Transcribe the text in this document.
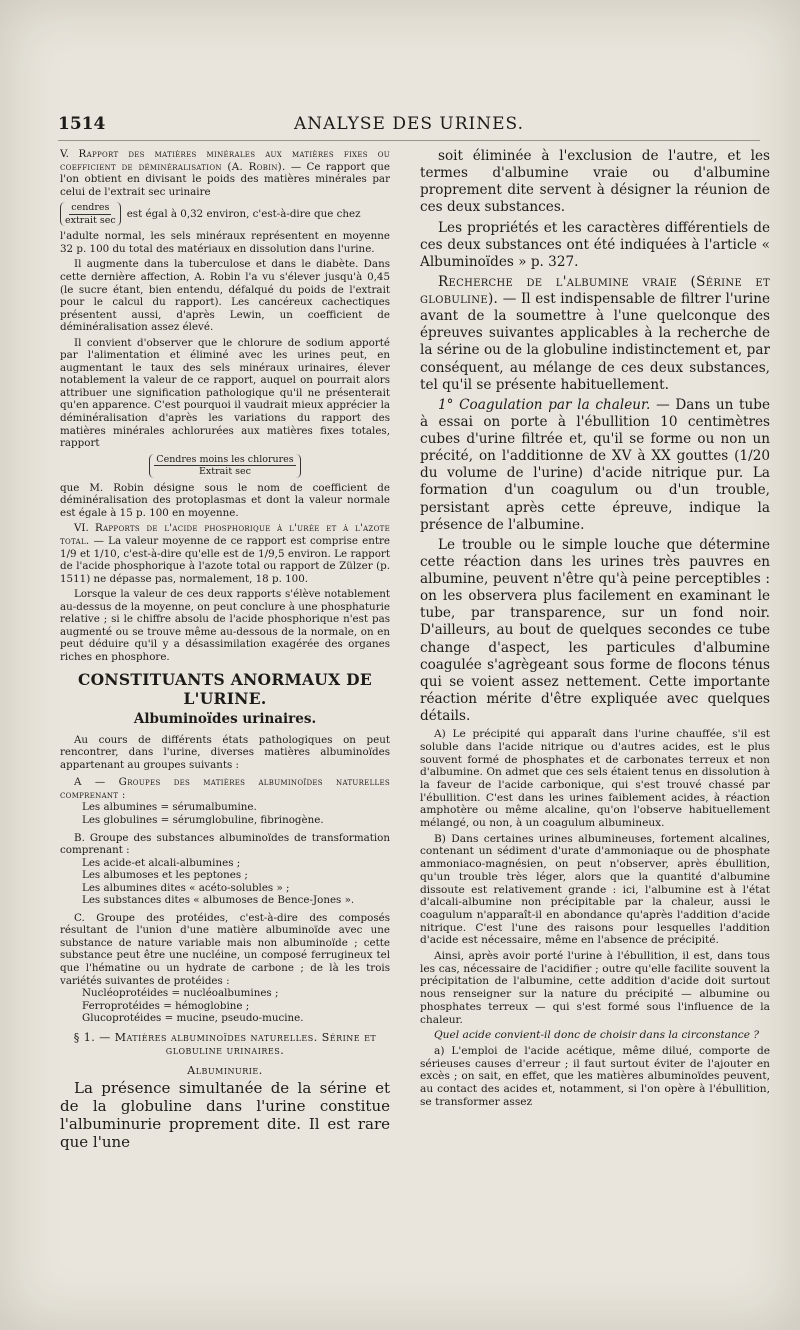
1514	ANALYSE DES URINES.

V. Rapport des matières minérales aux matières fixes ou coefficient de déminéralisation (A. Robin). — Ce rapport que l'on obtient en divisant le poids des matières minérales par celui de l'extrait sec urinaire

$\frac{\text{cendres}}{\text{extrait sec}}$ est égal à 0,32 environ, c'est-à-dire que chez

l'adulte normal, les sels minéraux représentent en moyenne 32 p. 100 du total des matériaux en dissolution dans l'urine.

Il augmente dans la tuberculose et dans le diabète. Dans cette dernière affection, A. Robin l'a vu s'élever jusqu'à 0,45 (le sucre étant, bien entendu, défalqué du poids de l'extrait pour le calcul du rapport). Les cancéreux cachectiques présentent aussi, d'après Lewin, un coefficient de déminéralisation assez élevé.

Il convient d'observer que le chlorure de sodium apporté par l'alimentation et éliminé avec les urines peut, en augmentant le taux des sels minéraux urinaires, élever notablement la valeur de ce rapport, auquel on pourrait alors attribuer une signification pathologique qu'il ne présenterait qu'en apparence. C'est pourquoi il vaudrait mieux apprécier la déminéralisation d'après les variations du rapport des matières minérales achlorurées aux matières fixes totales, rapport

$\frac{\text{Cendres moins les chlorures}}{\text{Extrait sec}}$

que M. Robin désigne sous le nom de coefficient de déminéralisation des protoplasmas et dont la valeur normale est égale à 15 p. 100 en moyenne.

VI. Rapports de l'acide phosphorique à l'urée et à l'azote total. — La valeur moyenne de ce rapport est comprise entre 1/9 et 1/10, c'est-à-dire qu'elle est de 1/9,5 environ. Le rapport de l'acide phosphorique à l'azote total ou rapport de Zülzer (p. 1511) ne dépasse pas, normalement, 18 p. 100.

Lorsque la valeur de ces deux rapports s'élève notablement au-dessus de la moyenne, on peut conclure à une phosphaturie relative ; si le chiffre absolu de l'acide phosphorique n'est pas augmenté ou se trouve même au-dessous de la normale, on en peut déduire qu'il y a désassimilation exagérée des organes riches en phosphore.

CONSTITUANTS ANORMAUX DE L'URINE.
Albuminoïdes urinaires.

Au cours de différents états pathologiques on peut rencontrer, dans l'urine, diverses matières albuminoïdes appartenant au groupes suivants :

A — Groupes des matières albuminoïdes naturelles comprenant :

Les albumines = sérumalbumine.
Les globulines = sérumglobuline, fibrinogène.

B. Groupe des substances albuminoïdes de transformation comprenant :

Les acide-et alcali-albumines ;
Les albumoses et les peptones ;
Les albumines dites « acéto-solubles » ;
Les substances dites « albumoses de Bence-Jones ».

C. Groupe des protéides, c'est-à-dire des composés résultant de l'union d'une matière albuminoïde avec une substance de nature variable mais non albuminoïde ; cette substance peut être une nucléine, un composé ferrugineux tel que l'hématine ou un hydrate de carbone ; de là les trois variétés suivantes de protéides :

Nucléoprotéides = nucléoalbumines ;
Ferroprotéides = hémoglobine ;
Glucoprotéides = mucine, pseudo-mucine.
§ 1. — Matières albuminoïdes naturelles. Sérine et globuline urinaires.
Albuminurie.

La présence simultanée de la sérine et de la globuline dans l'urine constitue l'albuminurie proprement dite. Il est rare que l'une

soit éliminée à l'exclusion de l'autre, et les termes d'albumine vraie ou d'albumine proprement dite servent à désigner la réunion de ces deux substances.

Les propriétés et les caractères différentiels de ces deux substances ont été indiquées à l'article « Albuminoïdes » p. 327.

Recherche de l'albumine vraie (Sérine et globuline). — Il est indispensable de filtrer l'urine avant de la soumettre à l'une quelconque des épreuves suivantes applicables à la recherche de la sérine ou de la globuline indistinctement et, par conséquent, au mélange de ces deux substances, tel qu'il se présente habituellement.

1° Coagulation par la chaleur. — Dans un tube à essai on porte à l'ébullition 10 centimètres cubes d'urine filtrée et, qu'il se forme ou non un précité, on l'additionne de XV à XX gouttes (1/20 du volume de l'urine) d'acide nitrique pur. La formation d'un coagulum ou d'un trouble, persistant après cette épreuve, indique la présence de l'albumine.

Le trouble ou le simple louche que détermine cette réaction dans les urines très pauvres en albumine, peuvent n'être qu'à peine perceptibles : on les observera plus facilement en examinant le tube, par transparence, sur un fond noir. D'ailleurs, au bout de quelques secondes ce tube change d'aspect, les particules d'albumine coagulée s'agrègeant sous forme de flocons ténus qui se voient assez nettement. Cette importante réaction mérite d'être expliquée avec quelques détails.

A) Le précipité qui apparaît dans l'urine chauffée, s'il est soluble dans l'acide nitrique ou d'autres acides, est le plus souvent formé de phosphates et de carbonates terreux et non d'albumine. On admet que ces sels étaient tenus en dissolution à la faveur de l'acide carbonique, qui s'est trouvé chassé par l'ébullition. C'est dans les urines faiblement acides, à réaction amphotère ou même alcaline, qu'on l'observe habituellement mélangé, ou non, à un coagulum albumineux.

B) Dans certaines urines albumineuses, fortement alcalines, contenant un sédiment d'urate d'ammoniaque ou de phosphate ammoniaco-magnésien, on peut n'observer, après ébullition, qu'un trouble très léger, alors que la quantité d'albumine dissoute est relativement grande : ici, l'albumine est à l'état d'alcali-albumine non précipitable par la chaleur, aussi le coagulum n'apparaît-il en abondance qu'après l'addition d'acide nitrique. C'est l'une des raisons pour lesquelles l'addition d'acide est nécessaire, même en l'absence de précipité.

Ainsi, après avoir porté l'urine à l'ébullition, il est, dans tous les cas, nécessaire de l'acidifier ; outre qu'elle facilite souvent la précipitation de l'albumine, cette addition d'acide doit surtout nous renseigner sur la nature du précipité — albumine ou phosphates terreux — qui s'est formé sous l'influence de la chaleur.

Quel acide convient-il donc de choisir dans la circonstance ?

a) L'emploi de l'acide acétique, même dilué, comporte de sérieuses causes d'erreur ; il faut surtout éviter de l'ajouter en excès ; on sait, en effet, que les matières albuminoïdes peuvent, au contact des acides et, notamment, si l'on opère à l'ébullition, se transformer assez
